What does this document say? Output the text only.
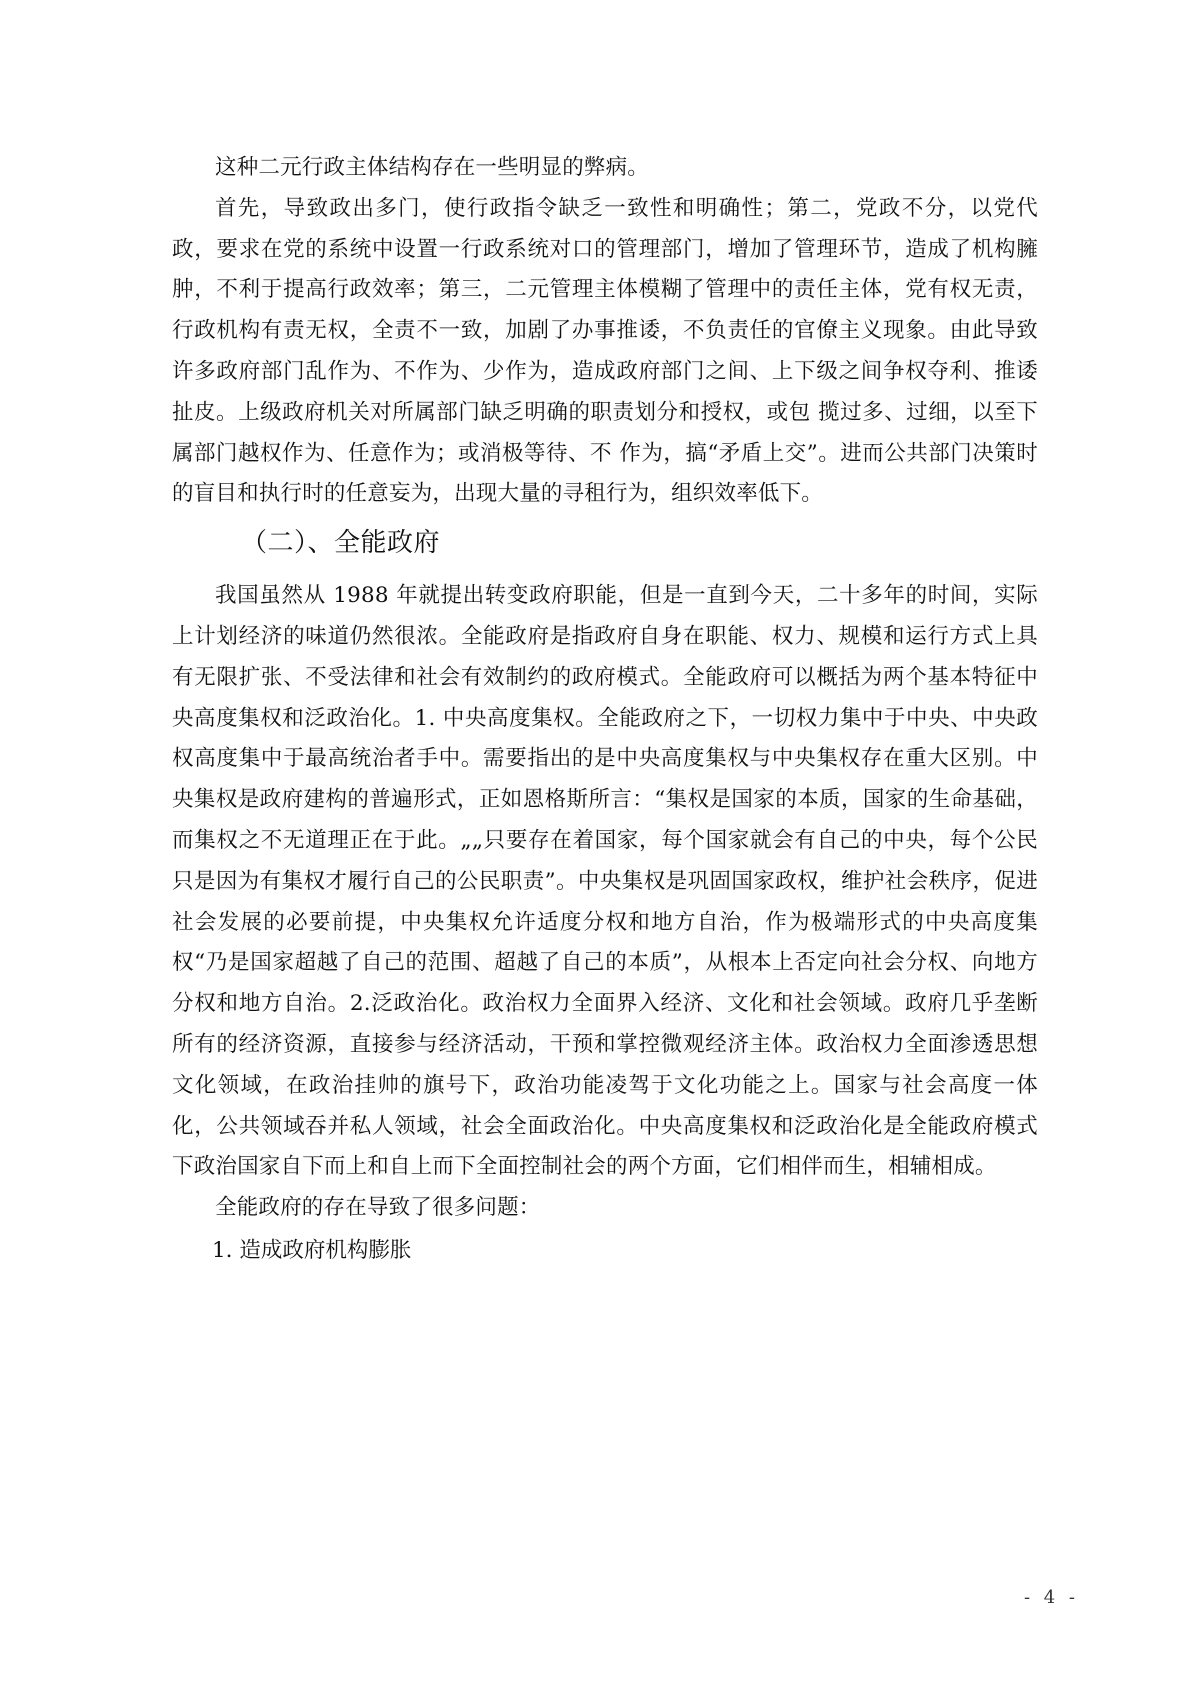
这种二元行政主体结构存在一些明显的弊病。

首先，导致政出多门，使行政指令缺乏一致性和明确性；第二，党政不分，以党代政，要求在党的系统中设置一行政系统对口的管理部门，增加了管理环节，造成了机构臃肿，不利于提高行政效率；第三，二元管理主体模糊了管理中的责任主体，党有权无责，行政机构有责无权，全责不一致，加剧了办事推诿，不负责任的官僚主义现象。由此导致许多政府部门乱作为、不作为、少作为，造成政府部门之间、上下级之间争权夺利、推诿扯皮。上级政府机关对所属部门缺乏明确的职责划分和授权，或包 揽过多、过细，以至下属部门越权作为、任意作为；或消极等待、不 作为，搞“矛盾上交”。进而公共部门决策时的盲目和执行时的任意妄为，出现大量的寻租行为，组织效率低下。

（二）、全能政府

我国虽然从 1988 年就提出转变政府职能，但是一直到今天，二十多年的时间，实际上计划经济的味道仍然很浓。全能政府是指政府自身在职能、权力、规模和运行方式上具有无限扩张、不受法律和社会有效制约的政府模式。全能政府可以概括为两个基本特征中央高度集权和泛政治化。1. 中央高度集权。全能政府之下，一切权力集中于中央、中央政权高度集中于最高统治者手中。需要指出的是中央高度集权与中央集权存在重大区别。中央集权是政府建构的普遍形式，正如恩格斯所言：“集权是国家的本质，国家的生命基础，而集权之不无道理正在于此。„„只要存在着国家，每个国家就会有自己的中央，每个公民只是因为有集权才履行自己的公民职责”。中央集权是巩固国家政权，维护社会秩序，促进社会发展的必要前提，中央集权允许适度分权和地方自治，作为极端形式的中央高度集权“乃是国家超越了自己的范围、超越了自己的本质”，从根本上否定向社会分权、向地方分权和地方自治。2.泛政治化。政治权力全面界入经济、文化和社会领域。政府几乎垄断所有的经济资源，直接参与经济活动，干预和掌控微观经济主体。政治权力全面渗透思想文化领域，在政治挂帅的旗号下，政治功能凌驾于文化功能之上。国家与社会高度一体化，公共领域吞并私人领域，社会全面政治化。中央高度集权和泛政治化是全能政府模式下政治国家自下而上和自上而下全面控制社会的两个方面，它们相伴而生，相辅相成。

全能政府的存在导致了很多问题：

1. 造成政府机构膨胀

- 4 -
